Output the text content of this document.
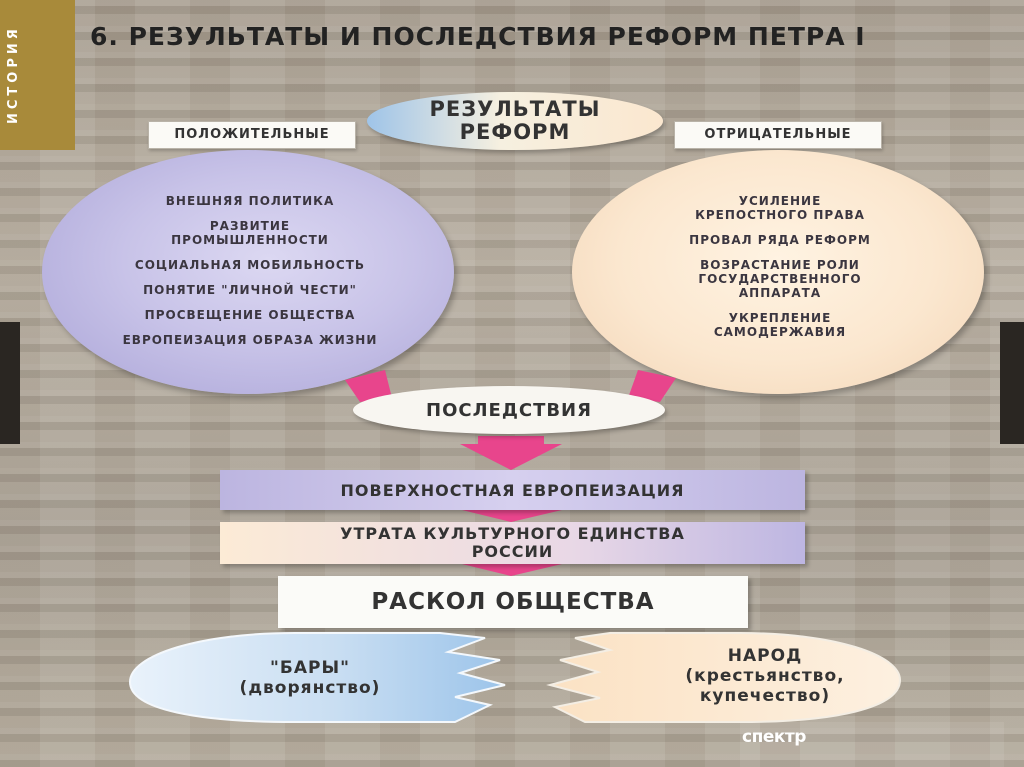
ИСТОРИЯ	6. РЕЗУЛЬТАТЫ И ПОСЛЕДСТВИЯ РЕФОРМ ПЕТРА I
РЕЗУЛЬТАТЫ
РЕФОРМ
ПОЛОЖИТЕЛЬНЫЕ	ОТРИЦАТЕЛЬНЫЕ
ВНЕШНЯЯ ПОЛИТИКА
РАЗВИТИЕ ПРОМЫШЛЕННОСТИ
СОЦИАЛЬНАЯ МОБИЛЬНОСТЬ
ПОНЯТИЕ "ЛИЧНОЙ ЧЕСТИ"
ПРОСВЕЩЕНИЕ ОБЩЕСТВА
ЕВРОПЕИЗАЦИЯ ОБРАЗА ЖИЗНИ
УСИЛЕНИЕ КРЕПОСТНОГО ПРАВА
ПРОВАЛ РЯДА РЕФОРМ
ВОЗРАСТАНИЕ РОЛИ ГОСУДАРСТВЕННОГО АППАРАТА
УКРЕПЛЕНИЕ САМОДЕРЖАВИЯ
ПОСЛЕДСТВИЯ
ПОВЕРХНОСТНАЯ ЕВРОПЕИЗАЦИЯ
УТРАТА КУЛЬТУРНОГО ЕДИНСТВА
РОССИИ
РАСКОЛ ОБЩЕСТВА
"БАРЫ"
(дворянство)
НАРОД
(крестьянство,
купечество)
спектр
